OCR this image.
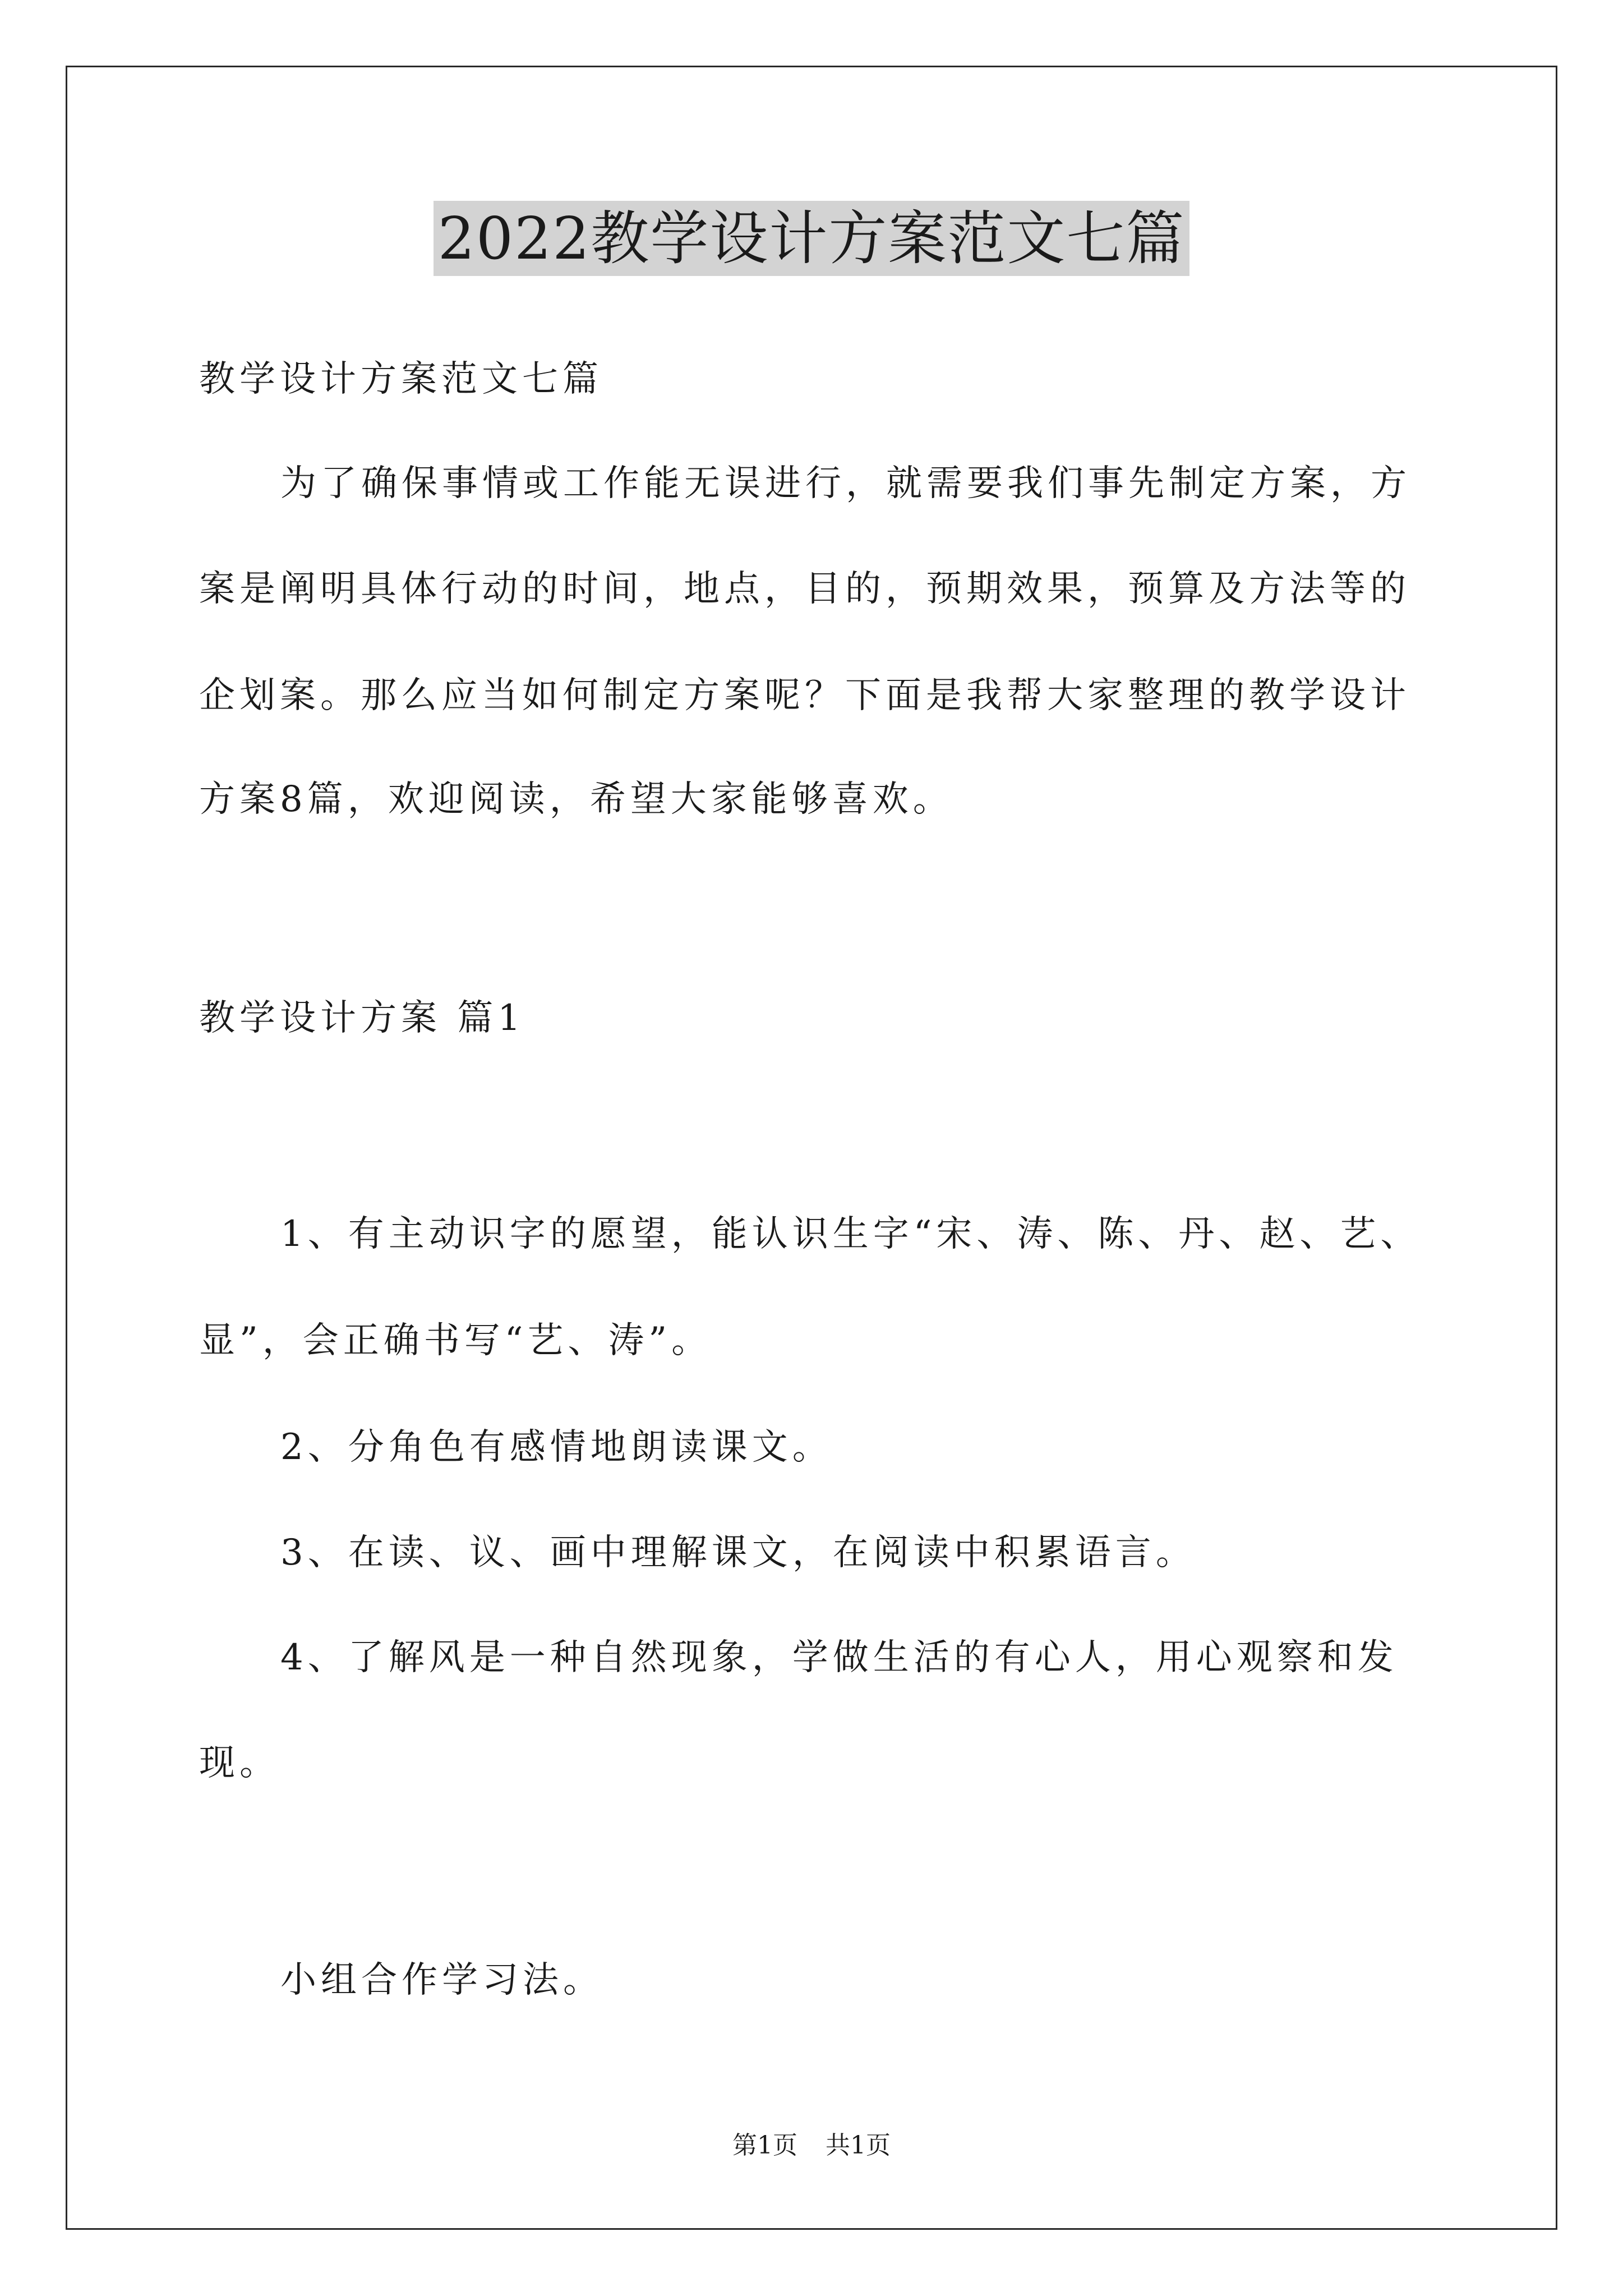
2022教学设计方案范文七篇
教学设计方案范文七篇
为了确保事情或工作能无误进行，就需要我们事先制定方案，方
案是阐明具体行动的时间，地点，目的，预期效果，预算及方法等的
企划案。那么应当如何制定方案呢？下面是我帮大家整理的教学设计
方案8篇，欢迎阅读，希望大家能够喜欢。
教学设计方案 篇1
1、有主动识字的愿望，能认识生字“宋、涛、陈、丹、赵、艺、
显”，会正确书写“艺、涛”。
2、分角色有感情地朗读课文。
3、在读、议、画中理解课文，在阅读中积累语言。
4、了解风是一种自然现象，学做生活的有心人，用心观察和发
现。
小组合作学习法。
第1页 共1页
